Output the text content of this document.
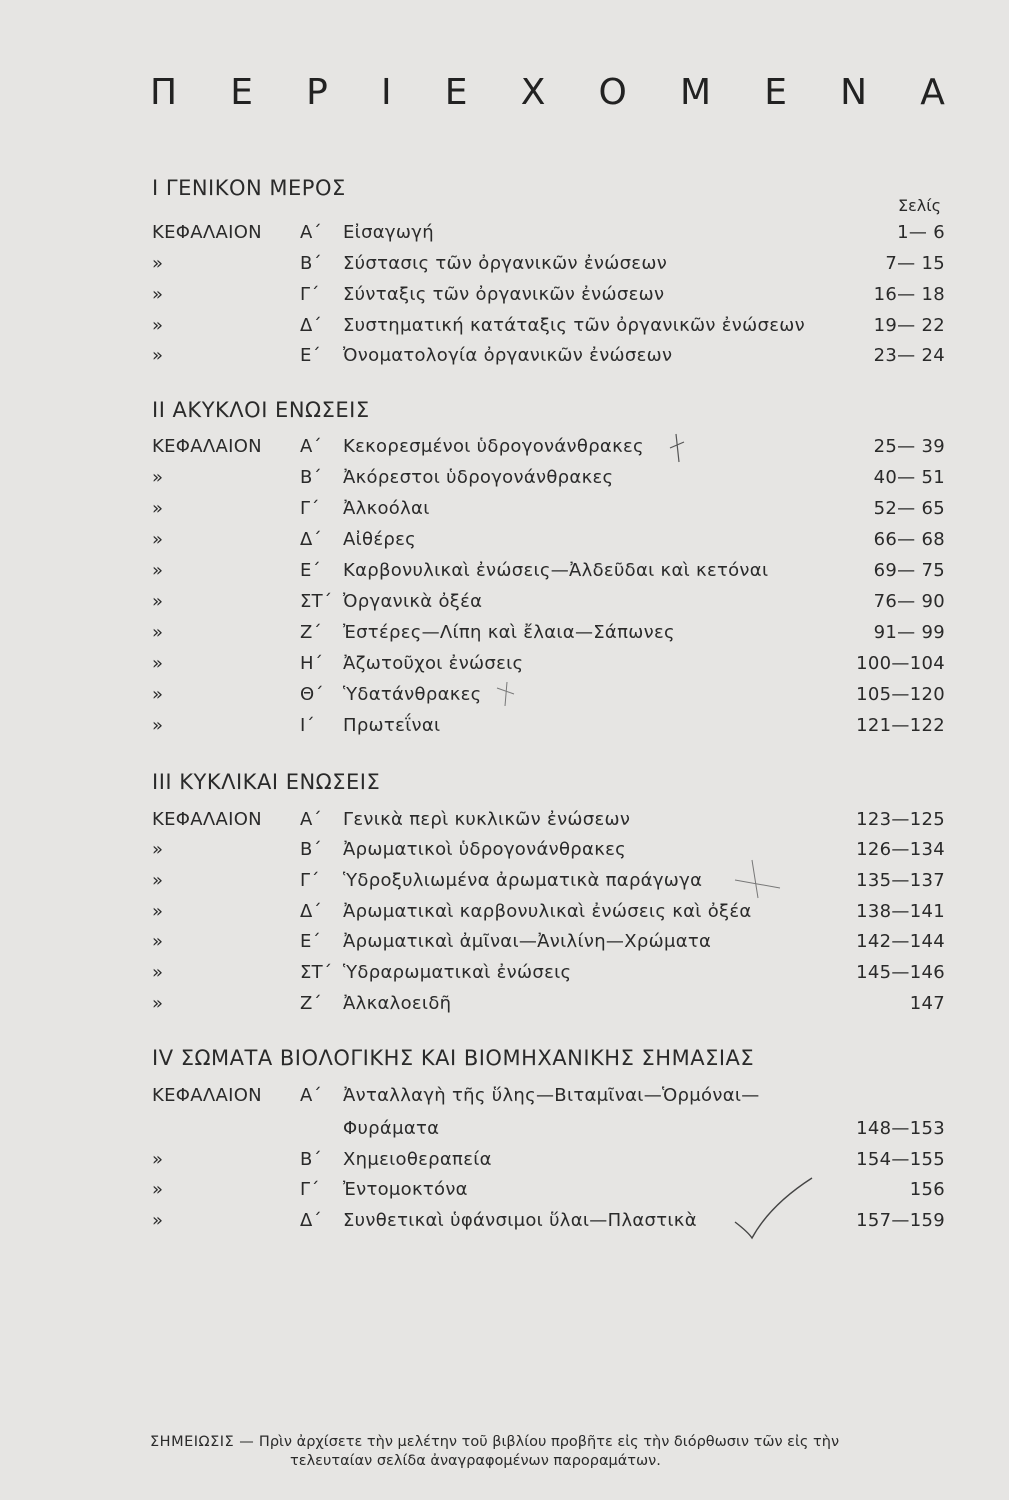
Π Ε Ρ Ι Ε Χ Ο Μ Ε Ν Α
I ΓΕΝΙΚΟΝ ΜΕΡΟΣ
Σελίς
ΚΕΦΑΛΑΙΟΝ Α΄ Εἰσαγωγή	1— 6
»	Β΄ Σύστασις τῶν ὀργανικῶν ἐνώσεων	7— 15
»	Γ΄ Σύνταξις τῶν ὀργανικῶν ἐνώσεων	16— 18
»	Δ΄ Συστηματική κατάταξις τῶν ὀργανικῶν ἐνώσεων	19— 22
»	Ε΄ Ὀνοματολογία ὀργανικῶν ἐνώσεων	23— 24
II ΑΚΥΚΛΟΙ ΕΝΩΣΕΙΣ
ΚΕΦΑΛΑΙΟΝ Α΄ Κεκορεσμένοι ὑδρογονάνθρακες	25— 39
»	Β΄ Ἀκόρεστοι ὑδρογονάνθρακες	40— 51
»	Γ΄ Ἀλκοόλαι	52— 65
»	Δ΄ Αἰθέρες	66— 68
»	Ε΄ Καρβονυλικαὶ ἐνώσεις—Ἀλδεῦδαι καὶ κετόναι	69— 75
»	ΣΤ΄ Ὀργανικὰ ὀξέα	76— 90
»	Ζ΄ Ἐστέρες—Λίπη καὶ ἔλαια—Σάπωνες	91— 99
»	Η΄ Ἀζωτοῦχοι ἐνώσεις	100—104
»	Θ΄ Ὑδατάνθρακες	105—120
»	Ι΄ Πρωτεΐναι	121—122
III ΚΥΚΛΙΚΑΙ ΕΝΩΣΕΙΣ
ΚΕΦΑΛΑΙΟΝ Α΄ Γενικὰ περὶ κυκλικῶν ἐνώσεων	123—125
»	Β΄ Ἀρωματικοὶ ὑδρογονάνθρακες	126—134
»	Γ΄ Ὑδροξυλιωμένα ἀρωματικὰ παράγωγα	135—137
»	Δ΄ Ἀρωματικαὶ καρβονυλικαὶ ἐνώσεις καὶ ὀξέα	138—141
»	Ε΄ Ἀρωματικαὶ ἀμῖναι—Ἀνιλίνη—Χρώματα	142—144
»	ΣΤ΄ Ὑδραρωματικαὶ ἐνώσεις	145—146
»	Ζ΄ Ἀλκαλοειδῆ	147
IV ΣΩΜΑΤΑ ΒΙΟΛΟΓΙΚΗΣ ΚΑΙ ΒΙΟΜΗΧΑΝΙΚΗΣ ΣΗΜΑΣΙΑΣ
ΚΕΦΑΛΑΙΟΝ Α΄ Ἀνταλλαγὴ τῆς ὕλης—Βιταμῖναι—Ὁρμόναι—
Φυράματα	148—153
»	Β΄ Χημειοθεραπεία	154—155
»	Γ΄ Ἐντομοκτόνα	156
»	Δ΄ Συνθετικαὶ ὑφάνσιμοι ὕλαι—Πλαστικὰ	157—159
ΣΗΜΕΙΩΣΙΣ — Πρὶν ἀρχίσετε τὴν μελέτην τοῦ βιβλίου προβῆτε εἰς τὴν διόρθωσιν τῶν εἰς τὴν
τελευταίαν σελίδα ἀναγραφομένων παροραμάτων.
